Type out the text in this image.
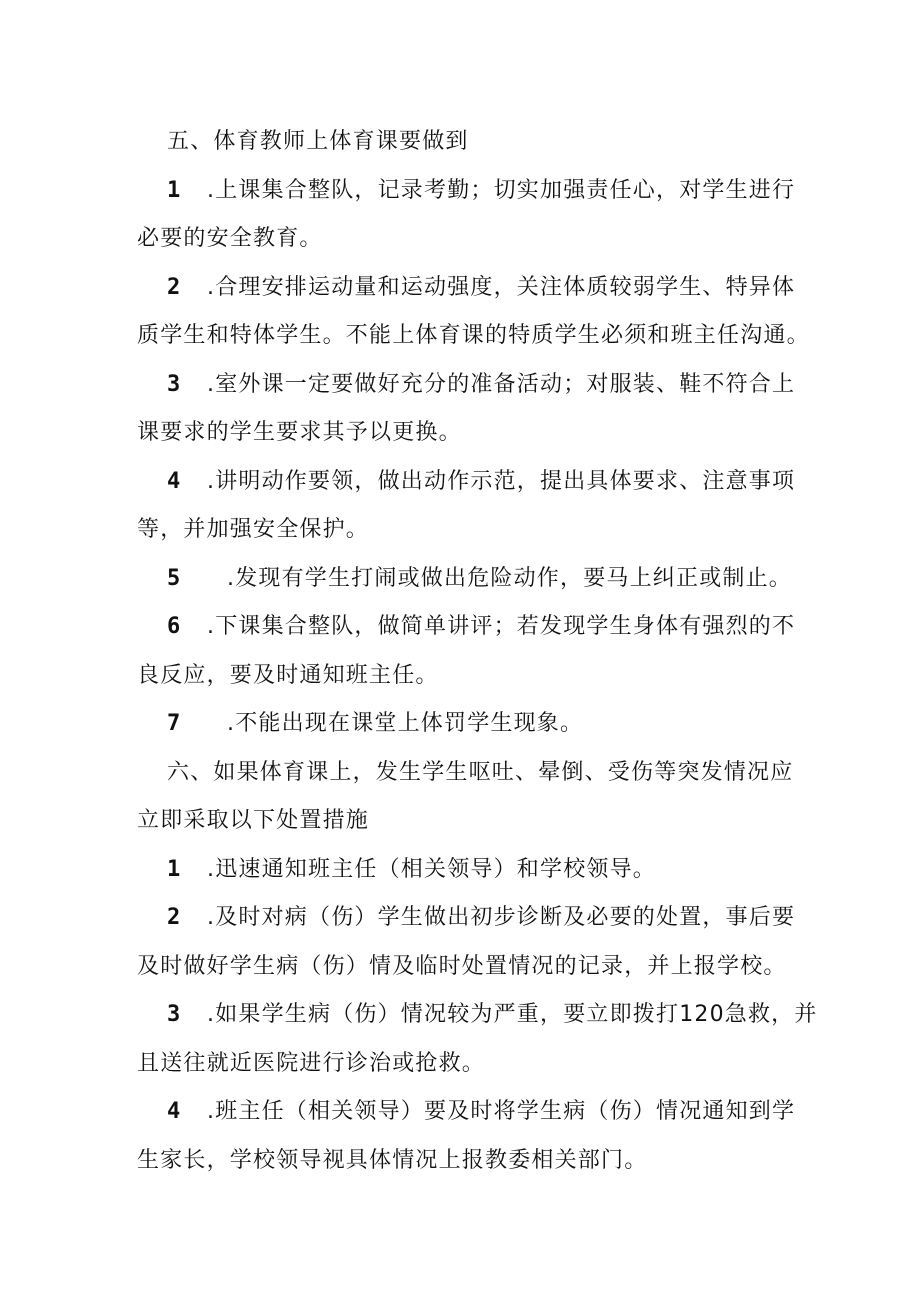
五、体育教师上体育课要做到
1 .上课集合整队，记录考勤；切实加强责任心，对学生进行
必要的安全教育。
2 .合理安排运动量和运动强度，关注体质较弱学生、特异体
质学生和特体学生。不能上体育课的特质学生必须和班主任沟通。
3 .室外课一定要做好充分的准备活动；对服装、鞋不符合上
课要求的学生要求其予以更换。
4 .讲明动作要领，做出动作示范，提出具体要求、注意事项
等，并加强安全保护。
5 .发现有学生打闹或做出危险动作，要马上纠正或制止。
6 .下课集合整队，做简单讲评；若发现学生身体有强烈的不
良反应，要及时通知班主任。
7 .不能出现在课堂上体罚学生现象。
六、如果体育课上，发生学生呕吐、晕倒、受伤等突发情况应
立即采取以下处置措施
1 .迅速通知班主任（相关领导）和学校领导。
2 .及时对病（伤）学生做出初步诊断及必要的处置，事后要
及时做好学生病（伤）情及临时处置情况的记录，并上报学校。
3 .如果学生病（伤）情况较为严重，要立即拨打120急救，并
且送往就近医院进行诊治或抢救。
4 .班主任（相关领导）要及时将学生病（伤）情况通知到学
生家长，学校领导视具体情况上报教委相关部门。
